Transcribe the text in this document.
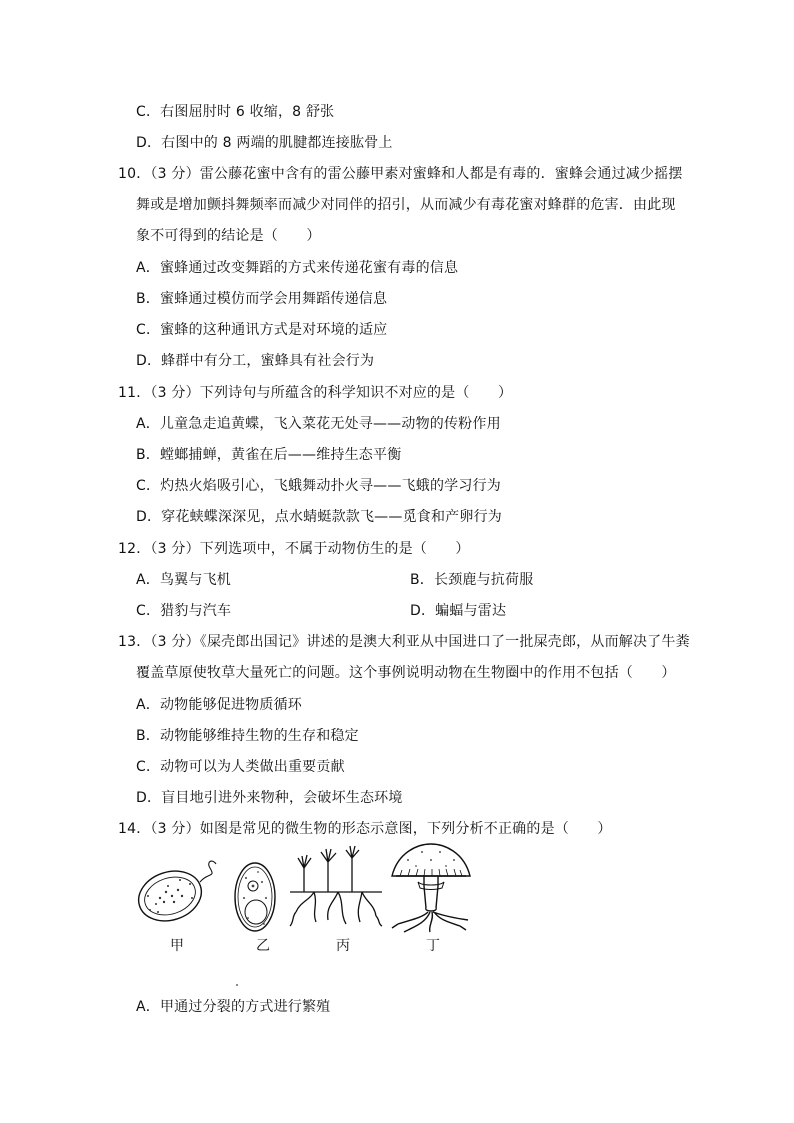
C．右图屈肘时 6 收缩，8 舒张
D．右图中的 8 两端的肌腱都连接肱骨上
10．（3 分）雷公藤花蜜中含有的雷公藤甲素对蜜蜂和人都是有毒的．蜜蜂会通过减少摇摆
舞或是增加颤抖舞频率而减少对同伴的招引，从而减少有毒花蜜对蜂群的危害．由此现
象不可得到的结论是（　　）
A．蜜蜂通过改变舞蹈的方式来传递花蜜有毒的信息
B．蜜蜂通过模仿而学会用舞蹈传递信息
C．蜜蜂的这种通讯方式是对环境的适应
D．蜂群中有分工，蜜蜂具有社会行为
11．（3 分）下列诗句与所蕴含的科学知识不对应的是（　　）
A．儿童急走追黄蝶，飞入菜花无处寻——动物的传粉作用
B．螳螂捕蝉，黄雀在后——维持生态平衡
C．灼热火焰吸引心，飞蛾舞动扑火寻——飞蛾的学习行为
D．穿花蛱蝶深深见，点水蜻蜓款款飞——觅食和产卵行为
12．（3 分）下列选项中，不属于动物仿生的是（　　）
A．鸟翼与飞机	B．长颈鹿与抗荷服
C．猎豹与汽车	D．蝙蝠与雷达
13．（3 分）《屎壳郎出国记》讲述的是澳大利亚从中国进口了一批屎壳郎，从而解决了牛粪
覆盖草原使牧草大量死亡的问题。这个事例说明动物在生物圈中的作用不包括（　　）
A．动物能够促进物质循环
B．动物能够维持生物的生存和稳定
C．动物可以为人类做出重要贡献
D．盲目地引进外来物种，会破坏生态环境
14．（3 分）如图是常见的微生物的形态示意图，下列分析不正确的是（　　）
甲	乙	丙	丁
A．甲通过分裂的方式进行繁殖
